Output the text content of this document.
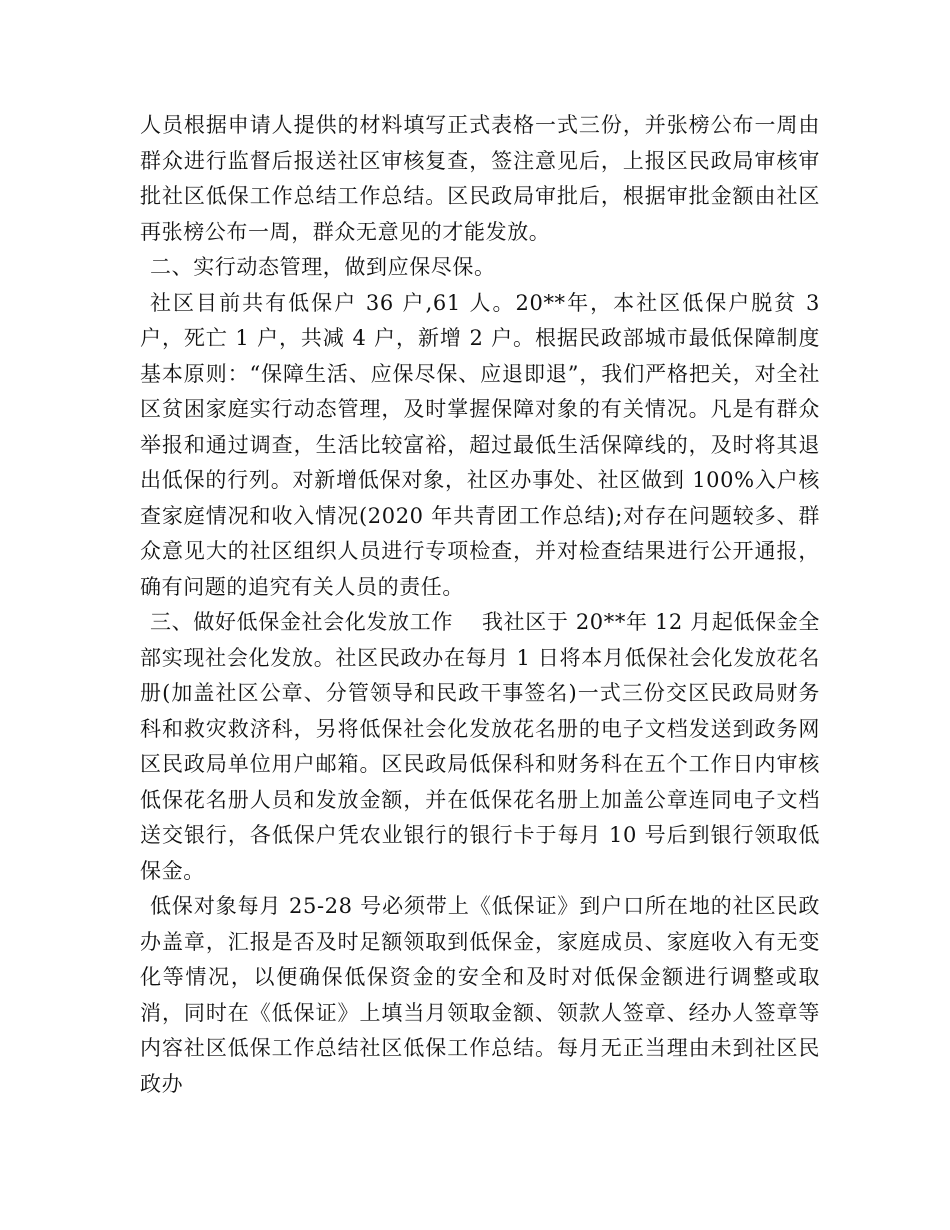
人员根据申请人提供的材料填写正式表格一式三份，并张榜公布一周由群众进行监督后报送社区审核复查，签注意见后，上报区民政局审核审批社区低保工作总结工作总结。区民政局审批后，根据审批金额由社区再张榜公布一周，群众无意见的才能发放。

二、实行动态管理，做到应保尽保。

社区目前共有低保户 36 户,61 人。20**年，本社区低保户脱贫 3 户，死亡 1 户，共减 4 户，新增 2 户。根据民政部城市最低保障制度基本原则：“保障生活、应保尽保、应退即退”，我们严格把关，对全社区贫困家庭实行动态管理，及时掌握保障对象的有关情况。凡是有群众举报和通过调查，生活比较富裕，超过最低生活保障线的，及时将其退出低保的行列。对新增低保对象，社区办事处、社区做到 100%入户核查家庭情况和收入情况(2020 年共青团工作总结);对存在问题较多、群众意见大的社区组织人员进行专项检查，并对检查结果进行公开通报，确有问题的追究有关人员的责任。

三、做好低保金社会化发放工作　 我社区于 20**年 12 月起低保金全部实现社会化发放。社区民政办在每月 1 日将本月低保社会化发放花名册(加盖社区公章、分管领导和民政干事签名)一式三份交区民政局财务科和救灾救济科，另将低保社会化发放花名册的电子文档发送到政务网区民政局单位用户邮箱。区民政局低保科和财务科在五个工作日内审核低保花名册人员和发放金额，并在低保花名册上加盖公章连同电子文档送交银行，各低保户凭农业银行的银行卡于每月 10 号后到银行领取低保金。

低保对象每月 25-28 号必须带上《低保证》到户口所在地的社区民政办盖章，汇报是否及时足额领取到低保金，家庭成员、家庭收入有无变化等情况，以便确保低保资金的安全和及时对低保金额进行调整或取消，同时在《低保证》上填当月领取金额、领款人签章、经办人签章等内容社区低保工作总结社区低保工作总结。每月无正当理由未到社区民政办
